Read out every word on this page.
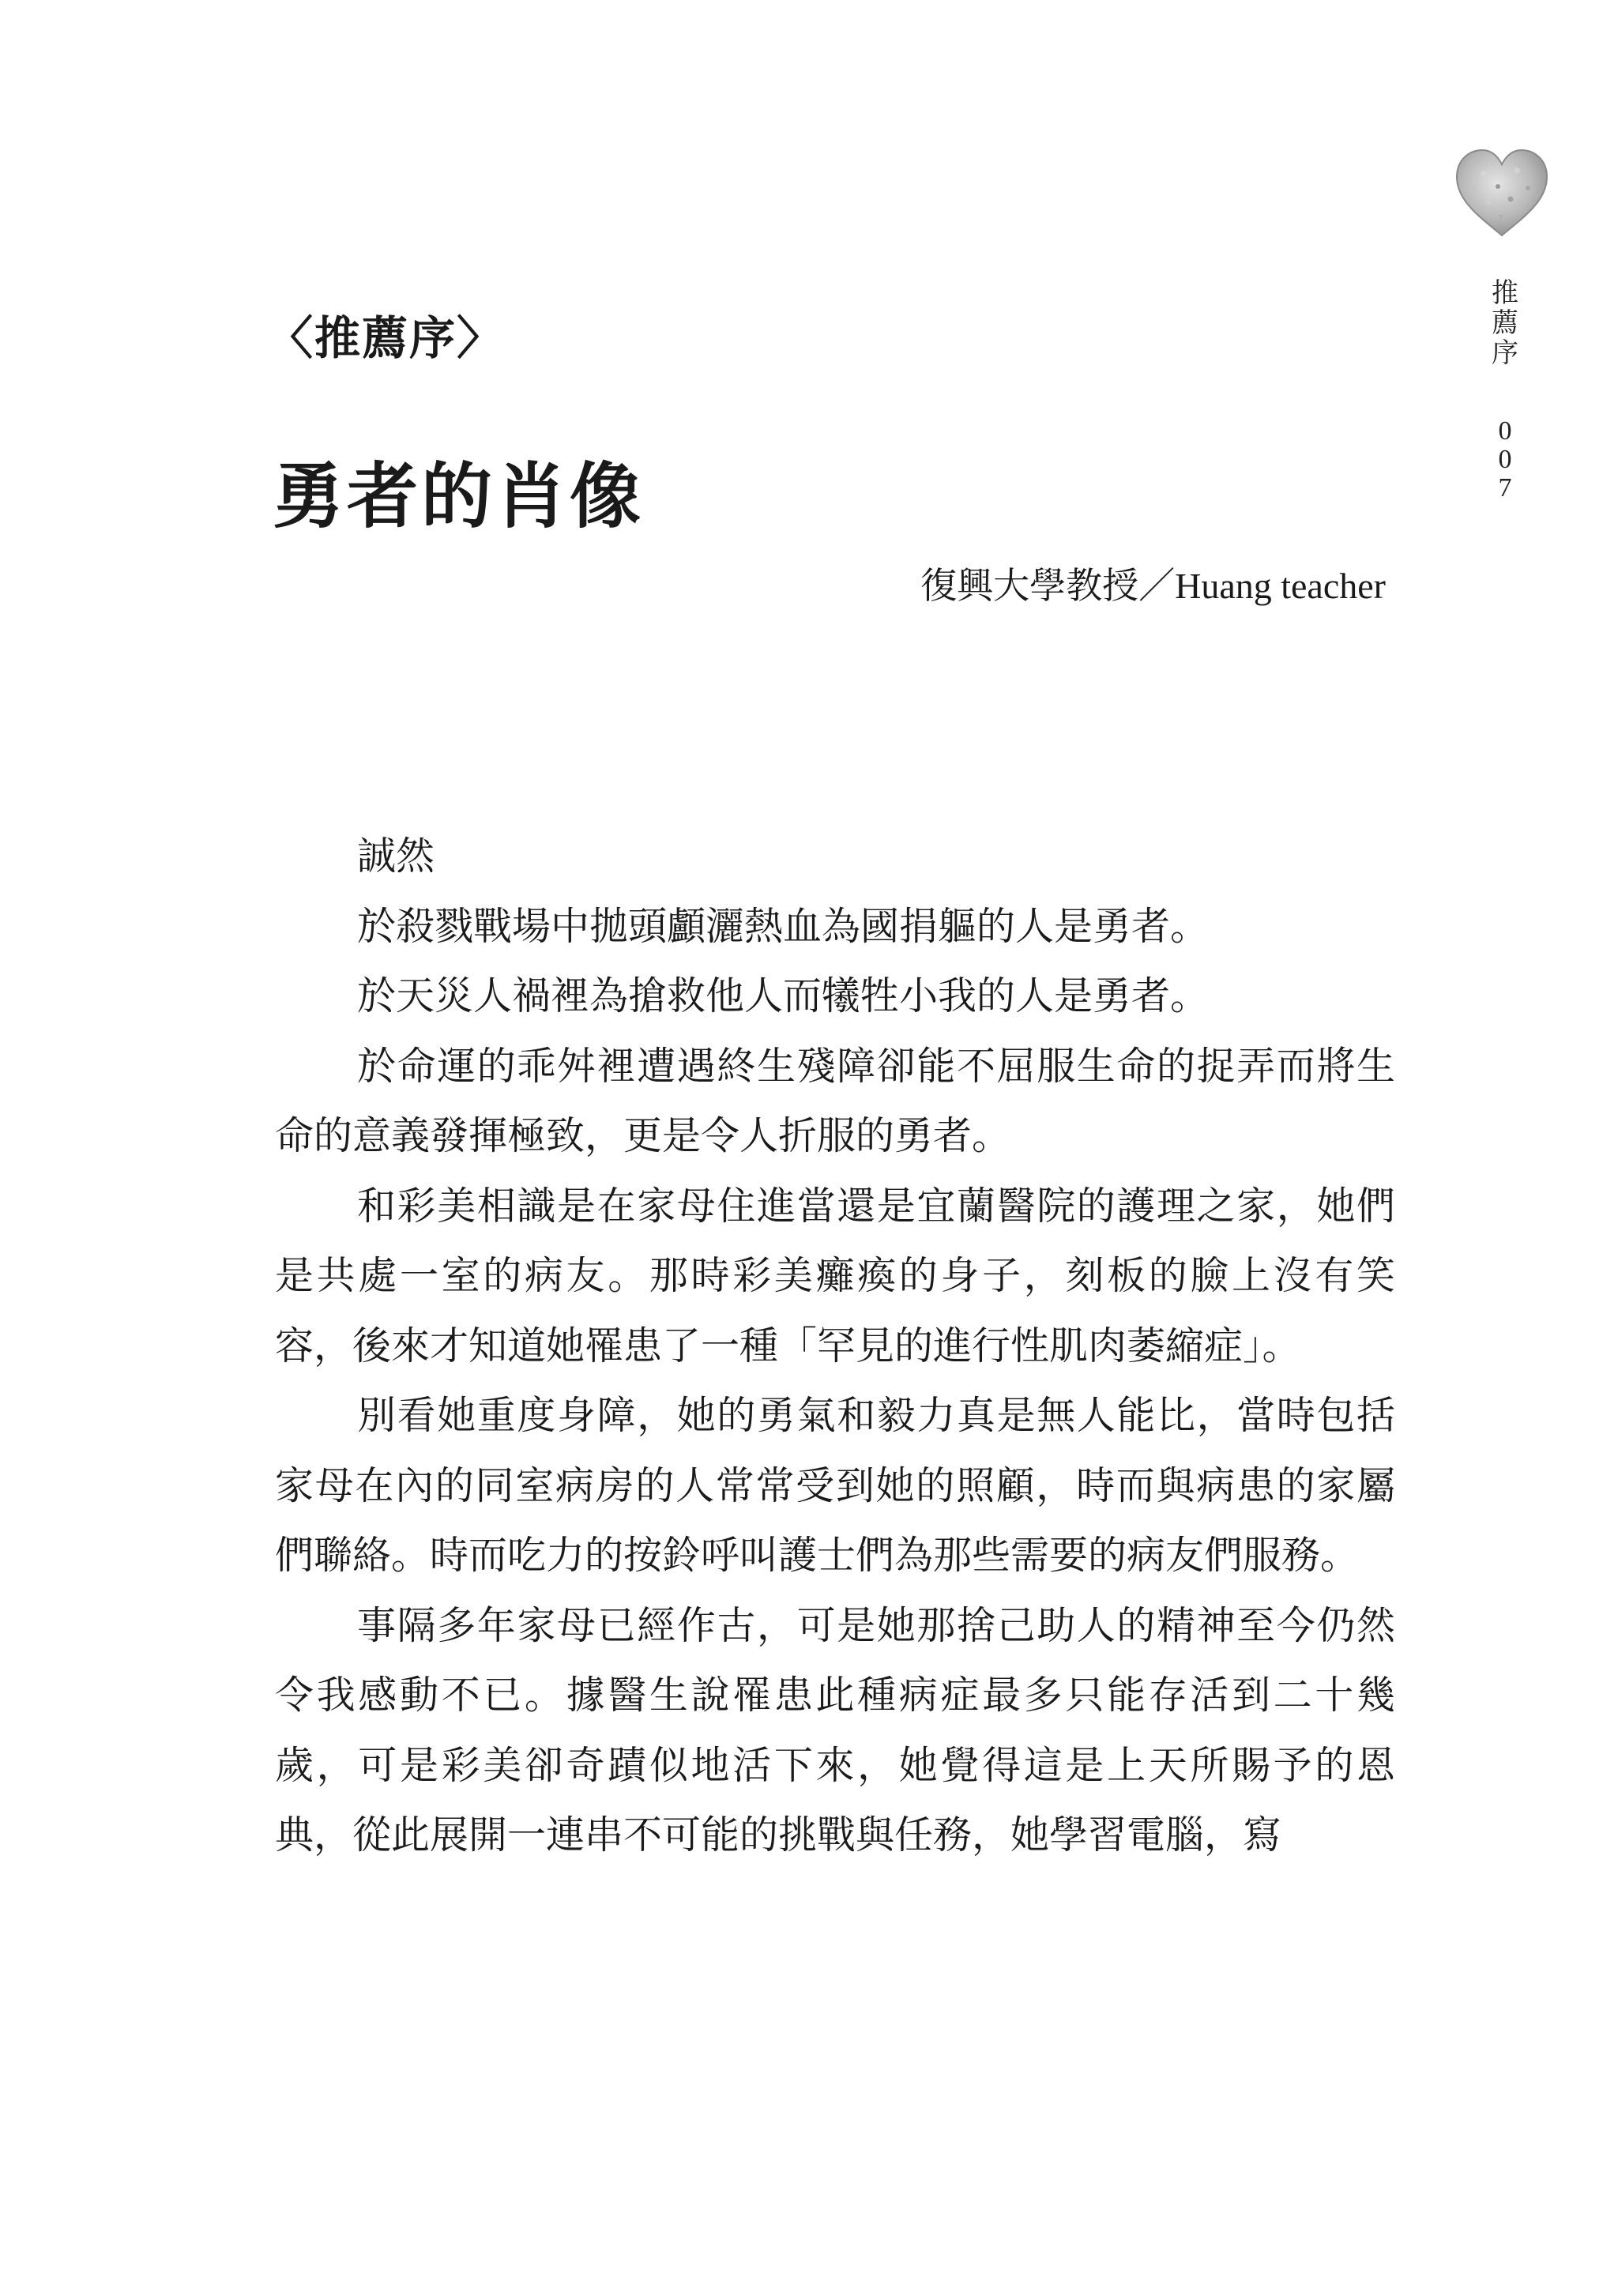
推
薦
序
0
0
7
〈推薦序〉
勇者的肖像
復興大學教授／Huang teacher

誠然

於殺戮戰場中拋頭顱灑熱血為國捐軀的人是勇者。

於天災人禍裡為搶救他人而犧牲小我的人是勇者。

於命運的乖舛裡遭遇終生殘障卻能不屈服生命的捉弄而將生命的意義發揮極致，更是令人折服的勇者。

和彩美相識是在家母住進當還是宜蘭醫院的護理之家，她們是共處一室的病友。那時彩美癱瘓的身子，刻板的臉上沒有笑容，後來才知道她罹患了一種「罕見的進行性肌肉萎縮症」。

別看她重度身障，她的勇氣和毅力真是無人能比，當時包括家母在內的同室病房的人常常受到她的照顧，時而與病患的家屬們聯絡。時而吃力的按鈴呼叫護士們為那些需要的病友們服務。

事隔多年家母已經作古，可是她那捨己助人的精神至今仍然令我感動不已。據醫生說罹患此種病症最多只能存活到二十幾歲，可是彩美卻奇蹟似地活下來，她覺得這是上天所賜予的恩典，從此展開一連串不可能的挑戰與任務，她學習電腦，寫
